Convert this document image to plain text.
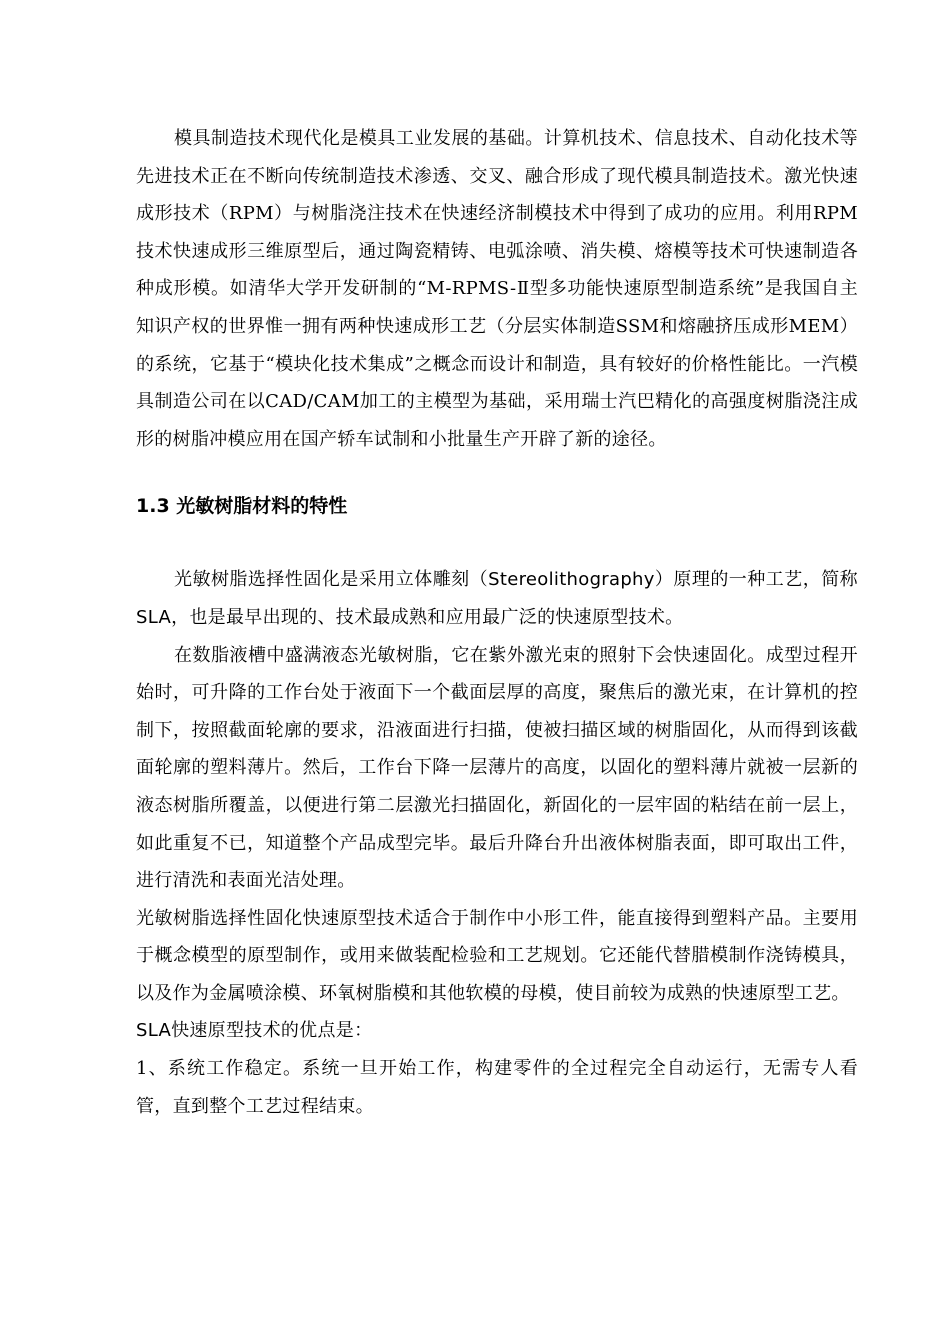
模具制造技术现代化是模具工业发展的基础。计算机技术、信息技术、自动化技术等先进技术正在不断向传统制造技术渗透、交叉、融合形成了现代模具制造技术。激光快速成形技术（RPM）与树脂浇注技术在快速经济制模技术中得到了成功的应用。利用RPM技术快速成形三维原型后，通过陶瓷精铸、电弧涂喷、消失模、熔模等技术可快速制造各种成形模。如清华大学开发研制的“M-RPMS-Ⅱ型多功能快速原型制造系统”是我国自主知识产权的世界惟一拥有两种快速成形工艺（分层实体制造SSM和熔融挤压成形MEM）的系统，它基于“模块化技术集成”之概念而设计和制造，具有较好的价格性能比。一汽模具制造公司在以CAD/CAM加工的主模型为基础，采用瑞士汽巴精化的高强度树脂浇注成形的树脂冲模应用在国产轿车试制和小批量生产开辟了新的途径。

1.3 光敏树脂材料的特性

光敏树脂选择性固化是采用立体雕刻（Stereolithography）原理的一种工艺，简称SLA，也是最早出现的、技术最成熟和应用最广泛的快速原型技术。

在数脂液槽中盛满液态光敏树脂，它在紫外激光束的照射下会快速固化。成型过程开始时，可升降的工作台处于液面下一个截面层厚的高度，聚焦后的激光束，在计算机的控制下，按照截面轮廓的要求，沿液面进行扫描，使被扫描区域的树脂固化，从而得到该截面轮廓的塑料薄片。然后，工作台下降一层薄片的高度，以固化的塑料薄片就被一层新的液态树脂所覆盖，以便进行第二层激光扫描固化，新固化的一层牢固的粘结在前一层上，如此重复不已，知道整个产品成型完毕。最后升降台升出液体树脂表面，即可取出工件，进行清洗和表面光洁处理。

光敏树脂选择性固化快速原型技术适合于制作中小形工件，能直接得到塑料产品。主要用于概念模型的原型制作，或用来做装配检验和工艺规划。它还能代替腊模制作浇铸模具，以及作为金属喷涂模、环氧树脂模和其他软模的母模，使目前较为成熟的快速原型工艺。

SLA快速原型技术的优点是：

1、系统工作稳定。系统一旦开始工作，构建零件的全过程完全自动运行，无需专人看管，直到整个工艺过程结束。
